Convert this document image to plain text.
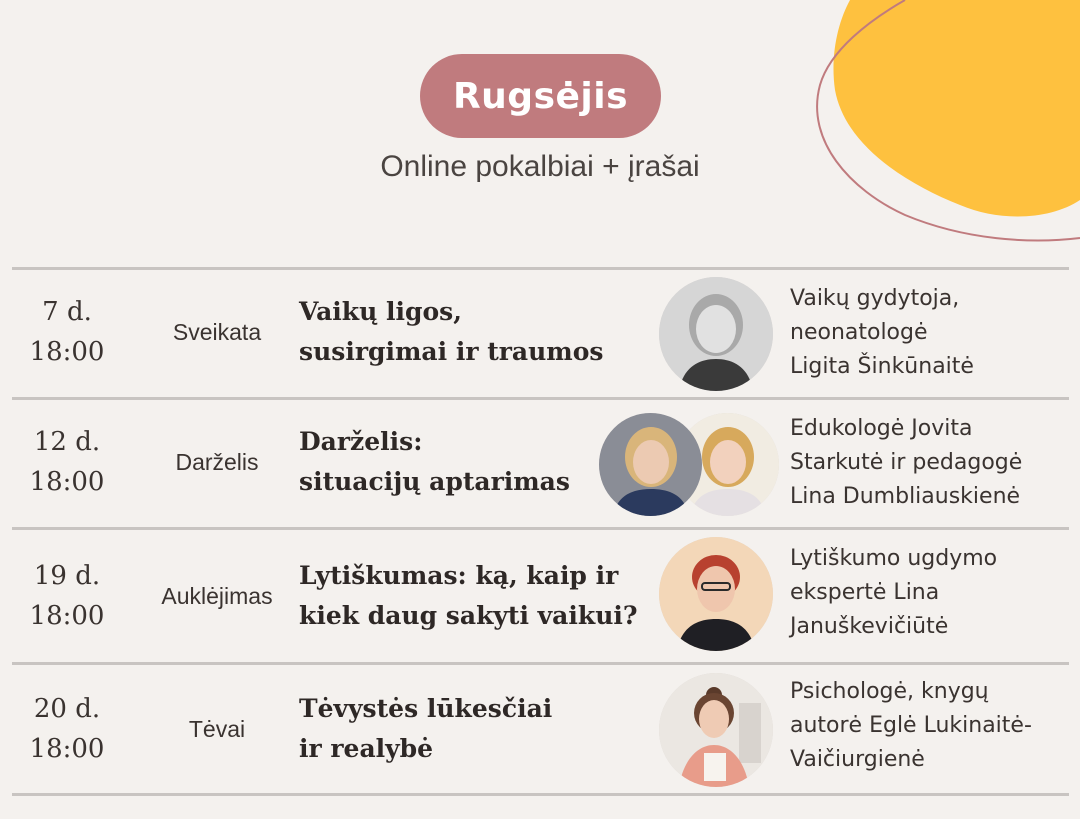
Rugsėjis
Online pokalbiai + įrašai
7 d.
18:00
Sveikata
Vaikų ligos,
susirgimai ir traumos
Vaikų gydytoja,
neonatologė
Ligita Šinkūnaitė
12 d.
18:00
Darželis
Darželis:
situacijų aptarimas
Edukologė Jovita
Starkutė ir pedagogė
Lina Dumbliauskienė
19 d.
18:00
Auklėjimas
Lytiškumas: ką, kaip ir
kiek daug sakyti vaikui?
Lytiškumo ugdymo
ekspertė Lina
Januškevičiūtė
20 d.
18:00
Tėvai
Tėvystės lūkesčiai
ir realybė
Psichologė, knygų
autorė Eglė Lukinaitė-
Vaičiurgienė
